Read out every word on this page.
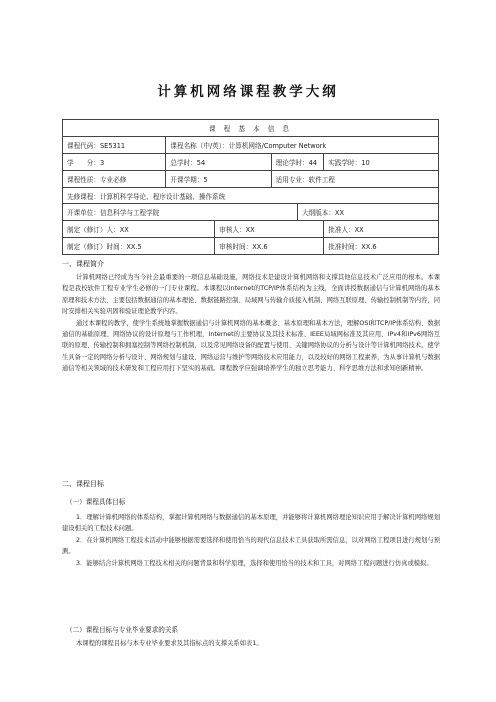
计算机网络课程教学大纲
课 程 基 本 信 息					
课程代码：SE5311	课程名称（中/英）：计算机网络/Computer Network				
学　　分：3	总学时：54		理论学时：44		实践学时：10
课程性质：专业必修	开课学期：5		适用专业：软件工程		
先修课程：计算机科学导论、程序设计基础、操作系统					
开课单位：信息科学与工程学院				大纲版本：XX	
制定（修订）人：XX		审核人：XX			批准人：XX
制定（修订）时间：XX.5		审核时间：XX.6			批准时间：XX.6
一、课程简介

计算机网络已经成为当今社会最重要的一项信息基础设施，网络技术是建设计算机网络和支撑其他信息技术广泛应用的根本。本课程是我校软件工程专业学生必修的一门专业课程。本课程以Internet的TCP/IP体系结构为主线，全面讲授数据通信与计算机网络的基本原理和技术方法，主要包括数据通信的基本理论、数据链路控制、局域网与传输介质接入机制、网络互联原理、传输控制机制等内容，同时安排相关实验巩固和验证理论教学内容。

通过本课程的教学，使学生系统地掌握数据通信与计算机网络的基本概念、基本原理和基本方法，理解OSI和TCP/IP体系结构、数据通信的基础原理、网络协议的设计原理与工作机理，Internet的主要协议及其技术标准、IEEE局域网标准及其应用、IPv4和IPv6网络互联的原理、传输控制和拥塞控制等网络控制机制，以及常见网络设备的配置与使用、关键网络协议的分析与设计等计算机网络技术。使学生具备一定的网络分析与设计、网络规划与建设、网络运营与维护等网络技术应用能力，以及较好的网络工程素养，为从事计算机与数据通信等相关领域的技术研发和工程应用打下坚实的基础。课程教学应强调培养学生的独立思考能力、科学思维方法和求知创新精神。

二、课程目标
（一）课程具体目标

1．理解计算机网络的体系结构，掌握计算机网络与数据通信的基本原理，并能够将计算机网络理论知识应用于解决计算机网络规划建设相关的工程技术问题。

2．在计算机网络工程技术活动中能够根据需要选择和使用恰当的现代信息技术工具获取所需信息，以对网络工程项目进行规划与预测。

3．能够结合计算机网络工程技术相关的问题背景和科学原理，选择和使用恰当的技术和工具，对网络工程问题进行仿真或模拟。

（二）课程目标与专业毕业要求的关系

本课程的课程目标与本专业毕业要求及其指标点的支撑关系如表1。
